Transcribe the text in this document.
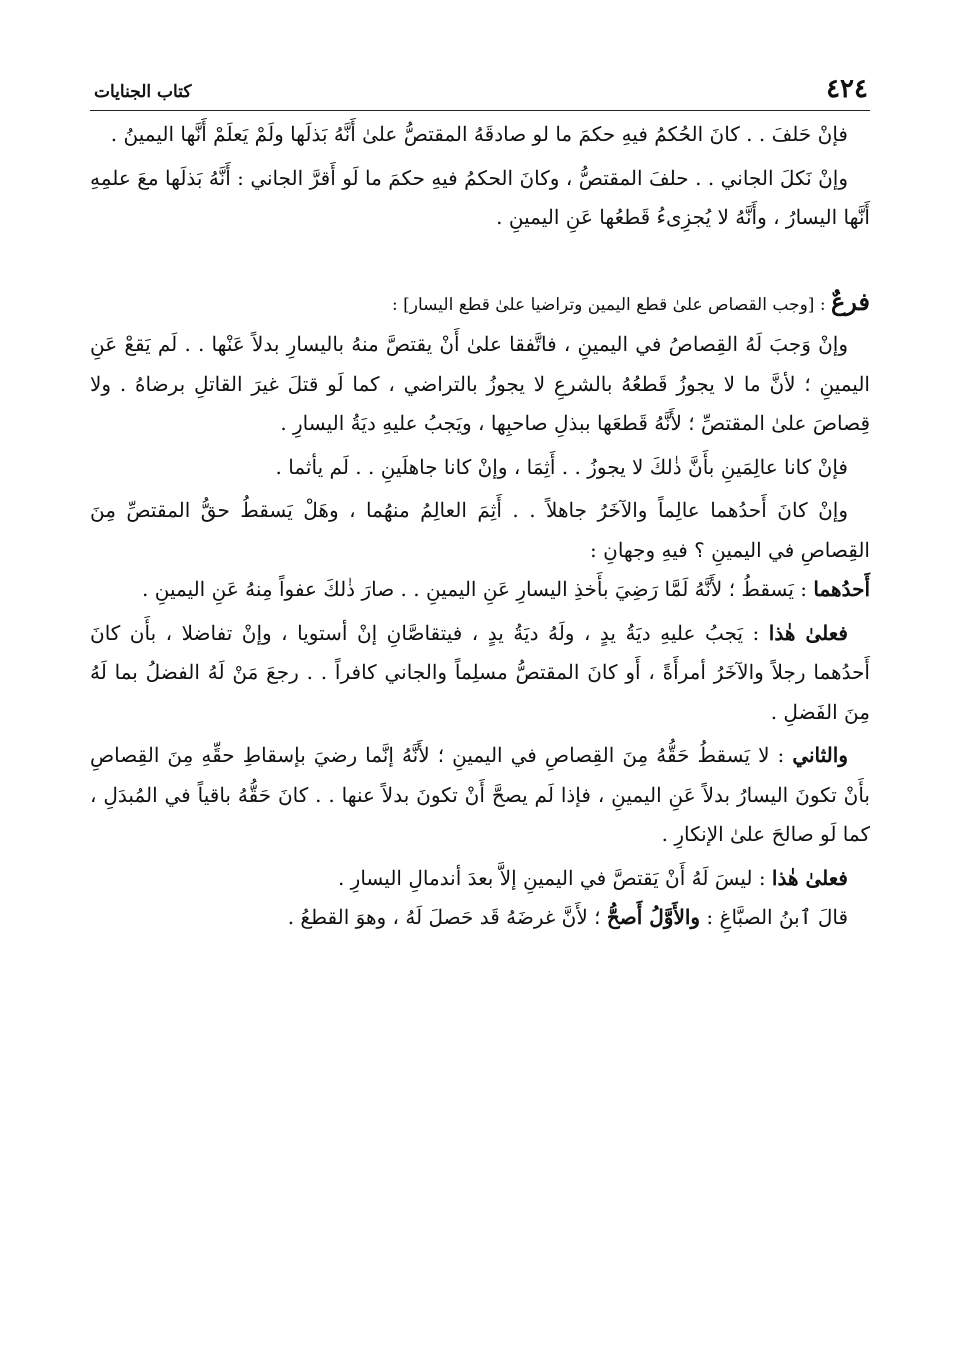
٤٢٤
كتاب الجنايات

فإنْ حَلفَ . . كانَ الحُكمُ فيهِ حكمَ ما لو صادقَهُ المقتصُّ علىٰ أَنَّهُ بَذلَها ولَمْ يَعلَمْ أَنَّها اليمينُ .

وإنْ نَكلَ الجاني . . حلفَ المقتصُّ ، وكانَ الحكمُ فيهِ حكمَ ما لَو أَقرَّ الجاني : أَنَّهُ بَذلَها معَ علمِهِ أَنَّها اليسارُ ، وأَنَّهُ لا يُجزِىءُ قَطعُها عَنِ اليمينِ .

فرعٌ : [وجب القصاص علىٰ قطع اليمين وتراضيا علىٰ قطع اليسار] :

وإنْ وَجبَ لَهُ القِصاصُ في اليمينِ ، فاتَّفقا علىٰ أَنْ يقتصَّ منهُ باليسارِ بدلاً عَنْها . . لَم يَقعْ عَنِ اليمينِ ؛ لأنَّ ما لا يجوزُ قَطعُهُ بالشرعِ لا يجوزُ بالتراضي ، كما لَو قتلَ غيرَ القاتلِ برضاهُ . ولا قِصاصَ علىٰ المقتصِّ ؛ لأَنَّهُ قَطعَها ببذلِ صاحبِها ، ويَجبُ عليهِ ديَةُ اليسارِ .

فإنْ كانا عالِمَينِ بأَنَّ ذٰلكَ لا يجوزُ . . أَثِمَا ، وإنْ كانا جاهلَينِ . . لَم يأثما .

وإنْ كانَ أَحدُهما عالِماً والآخَرُ جاهلاً . . أَثِمَ العالِمُ منهُما ، وهَلْ يَسقطُ حقُّ المقتصِّ مِنَ القِصاصِ في اليمينِ ؟ فيهِ وجهانِ :

أَحدُهما : يَسقطُ ؛ لأَنَّهُ لَمَّا رَضِيَ بأَخذِ اليسارِ عَنِ اليمينِ . . صارَ ذٰلكَ عفواً مِنهُ عَنِ اليمينِ .

فعلىٰ هٰذا : يَجبُ عليهِ ديَةُ يدٍ ، ولَهُ ديَةُ يدٍ ، فيتقاصَّانِ إنْ أستويا ، وإنْ تفاضلا ، بأَن كانَ أَحدُهما رجلاً والآخَرُ أمرأَةً ، أَو كانَ المقتصُّ مسلِماً والجاني كافراً . . رجعَ مَنْ لَهُ الفضلُ بما لَهُ مِنَ الفَضلِ .

والثاني : لا يَسقطُ حَقُّهُ مِنَ القِصاصِ في اليمينِ ؛ لأَنَّهُ إنَّما رضيَ بإسقاطِ حقِّهِ مِنَ القِصاصِ بأَنْ تكونَ اليسارُ بدلاً عَنِ اليمينِ ، فإذا لَم يصحَّ أَنْ تكونَ بدلاً عنها . . كانَ حَقُّهُ باقياً في المُبدَلِ ، كما لَو صالحَ علىٰ الإنكارِ .

فعلىٰ هٰذا : ليسَ لَهُ أَنْ يَقتصَّ في اليمينِ إلاَّ بعدَ أندمالِ اليسارِ .

قالَ ٱبنُ الصبَّاغِ : والأَوَّلُ أَصحُّ ؛ لأَنَّ غرضَهُ قَد حَصلَ لَهُ ، وهوَ القطعُ .
